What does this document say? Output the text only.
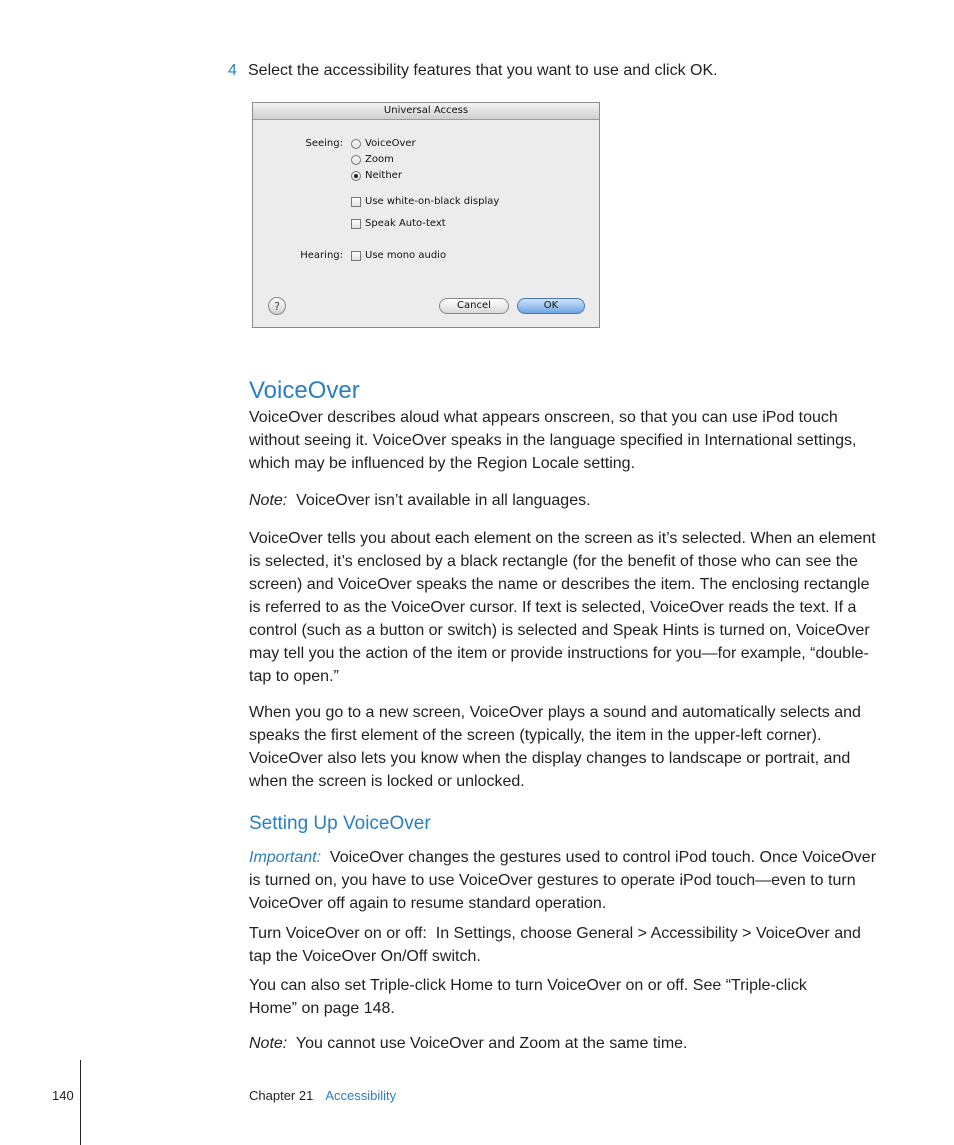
4 Select the accessibility features that you want to use and click OK.
Universal Access
Seeing: VoiceOver
Zoom
Neither
Use white-on-black display
Speak Auto-text
Hearing: Use mono audio
?	Cancel	OK
VoiceOver

VoiceOver describes aloud what appears onscreen, so that you can use iPod touch without seeing it. VoiceOver speaks in the language specified in International settings, which may be influenced by the Region Locale setting.

Note: VoiceOver isn’t available in all languages.

VoiceOver tells you about each element on the screen as it’s selected. When an element is selected, it’s enclosed by a black rectangle (for the benefit of those who can see the screen) and VoiceOver speaks the name or describes the item. The enclosing rectangle is referred to as the VoiceOver cursor. If text is selected, VoiceOver reads the text. If a control (such as a button or switch) is selected and Speak Hints is turned on, VoiceOver may tell you the action of the item or provide instructions for you—for example, “double-tap to open.”

When you go to a new screen, VoiceOver plays a sound and automatically selects and speaks the first element of the screen (typically, the item in the upper-left corner). VoiceOver also lets you know when the display changes to landscape or portrait, and when the screen is locked or unlocked.

Setting Up VoiceOver

Important: VoiceOver changes the gestures used to control iPod touch. Once VoiceOver is turned on, you have to use VoiceOver gestures to operate iPod touch—even to turn VoiceOver off again to resume standard operation.

Turn VoiceOver on or off: In Settings, choose General > Accessibility > VoiceOver and tap the VoiceOver On/Off switch.

You can also set Triple-click Home to turn VoiceOver on or off. See “Triple-click Home” on page 148.

Note: You cannot use VoiceOver and Zoom at the same time.

140	Chapter 21 Accessibility
